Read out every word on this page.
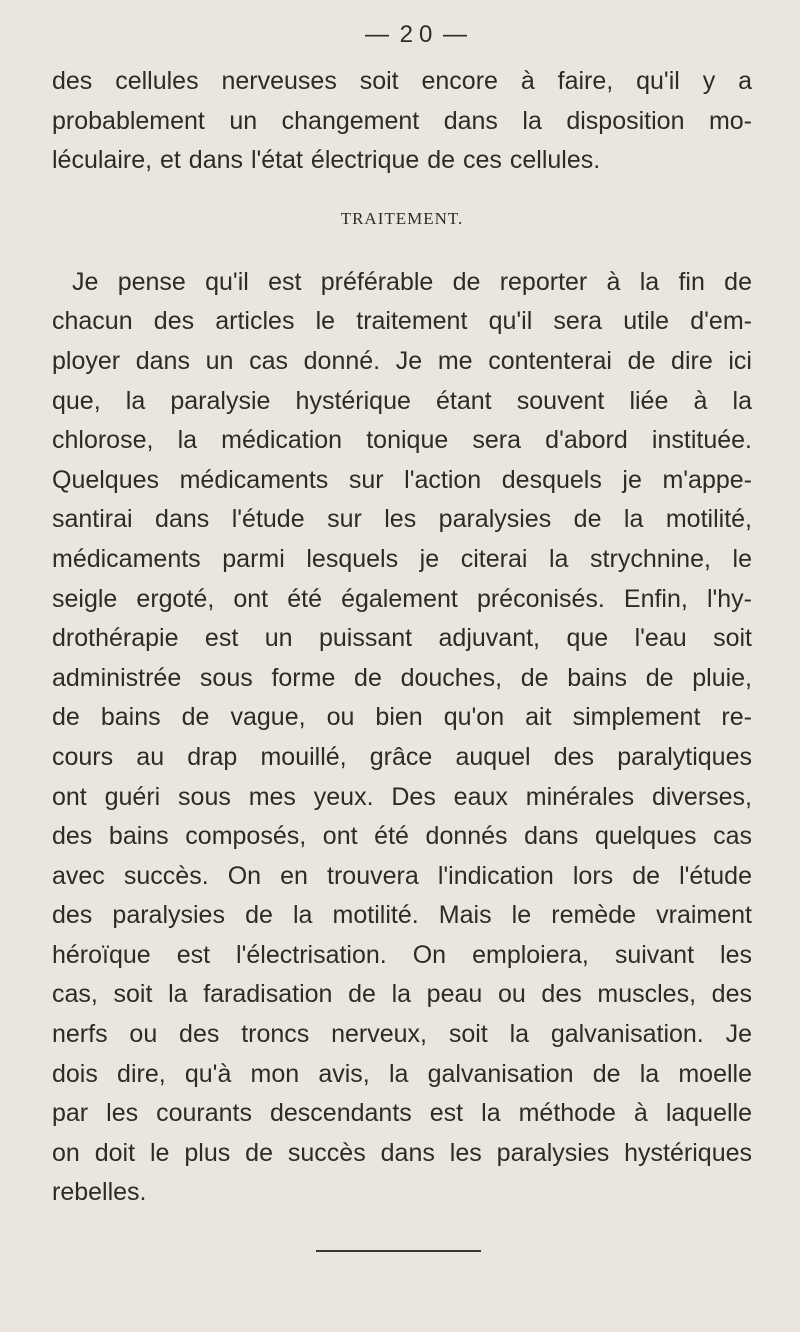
— 2 0 —
des cellules nerveuses soit encore à faire, qu'il y a
probablement un changement dans la disposition mo-
léculaire, et dans l'état électrique de ces cellules.
TRAITEMENT.
Je pense qu'il est préférable de reporter à la fin de
chacun des articles le traitement qu'il sera utile d'em-
ployer dans un cas donné. Je me contenterai de dire ici
que, la paralysie hystérique étant souvent liée à la
chlorose, la médication tonique sera d'abord instituée.
Quelques médicaments sur l'action desquels je m'appe-
santirai dans l'étude sur les paralysies de la motilité,
médicaments parmi lesquels je citerai la strychnine, le
seigle ergoté, ont été également préconisés. Enfin, l'hy-
drothérapie est un puissant adjuvant, que l'eau soit
administrée sous forme de douches, de bains de pluie,
de bains de vague, ou bien qu'on ait simplement re-
cours au drap mouillé, grâce auquel des paralytiques
ont guéri sous mes yeux. Des eaux minérales diverses,
des bains composés, ont été donnés dans quelques cas
avec succès. On en trouvera l'indication lors de l'étude
des paralysies de la motilité. Mais le remède vraiment
héroïque est l'électrisation. On emploiera, suivant les
cas, soit la faradisation de la peau ou des muscles, des
nerfs ou des troncs nerveux, soit la galvanisation. Je
dois dire, qu'à mon avis, la galvanisation de la moelle
par les courants descendants est la méthode à laquelle
on doit le plus de succès dans les paralysies hystériques
rebelles.
